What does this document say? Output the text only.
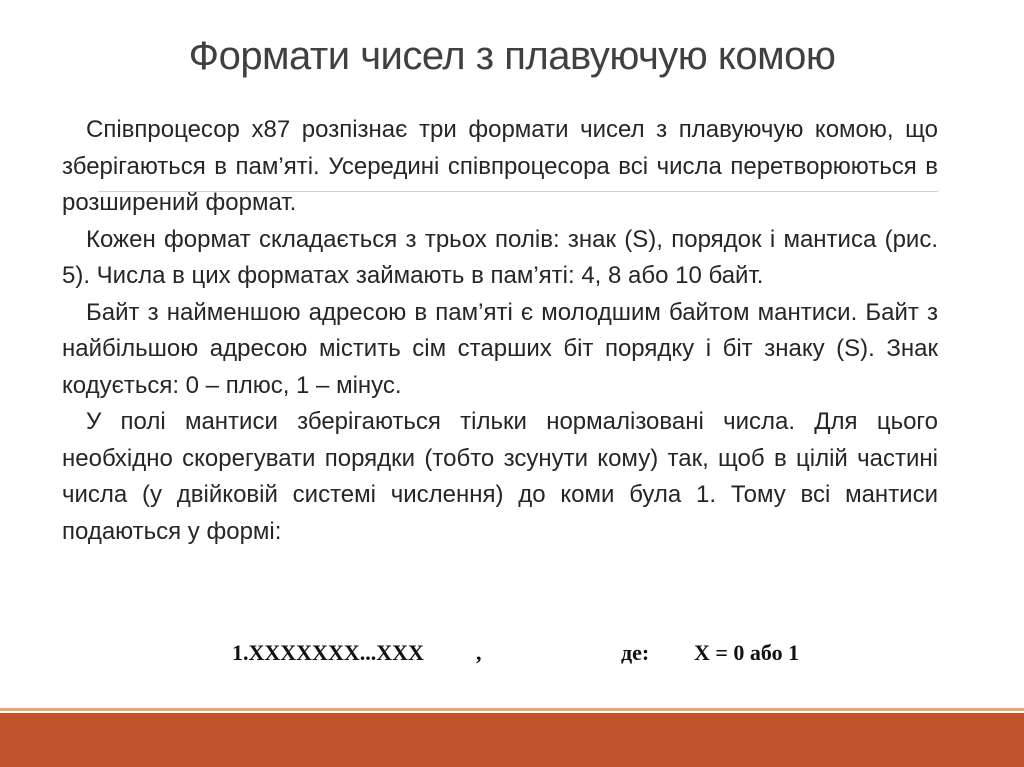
Формати чисел з плавуючую комою

Співпроцесор x87 розпізнає три формати чисел з плавуючую комою, що зберігаються в пам’яті. Усередині співпроцесора всі числа перетворюються в розширений формат.

Кожен формат складається з трьох полів: знак (S), порядок і мантиса (рис. 5). Числа в цих форматах займають в пам’яті: 4, 8 або 10 байт.

Байт з найменшою адресою в пам’яті є молодшим байтом мантиси. Байт з найбільшою адресою містить сім старших біт порядку і біт знаку (S). Знак кодується: 0 – плюс, 1 – мінус.

У полі мантиси зберігаються тільки нормалізовані числа. Для цього необхідно скорегувати порядки (тобто зсунути кому) так, щоб в цілій частині числа (у двійковій системі числення) до коми була 1. Тому всі мантиси подаються у формі:

1.XXXXXXX...XXX ,	де: X = 0 або 1
